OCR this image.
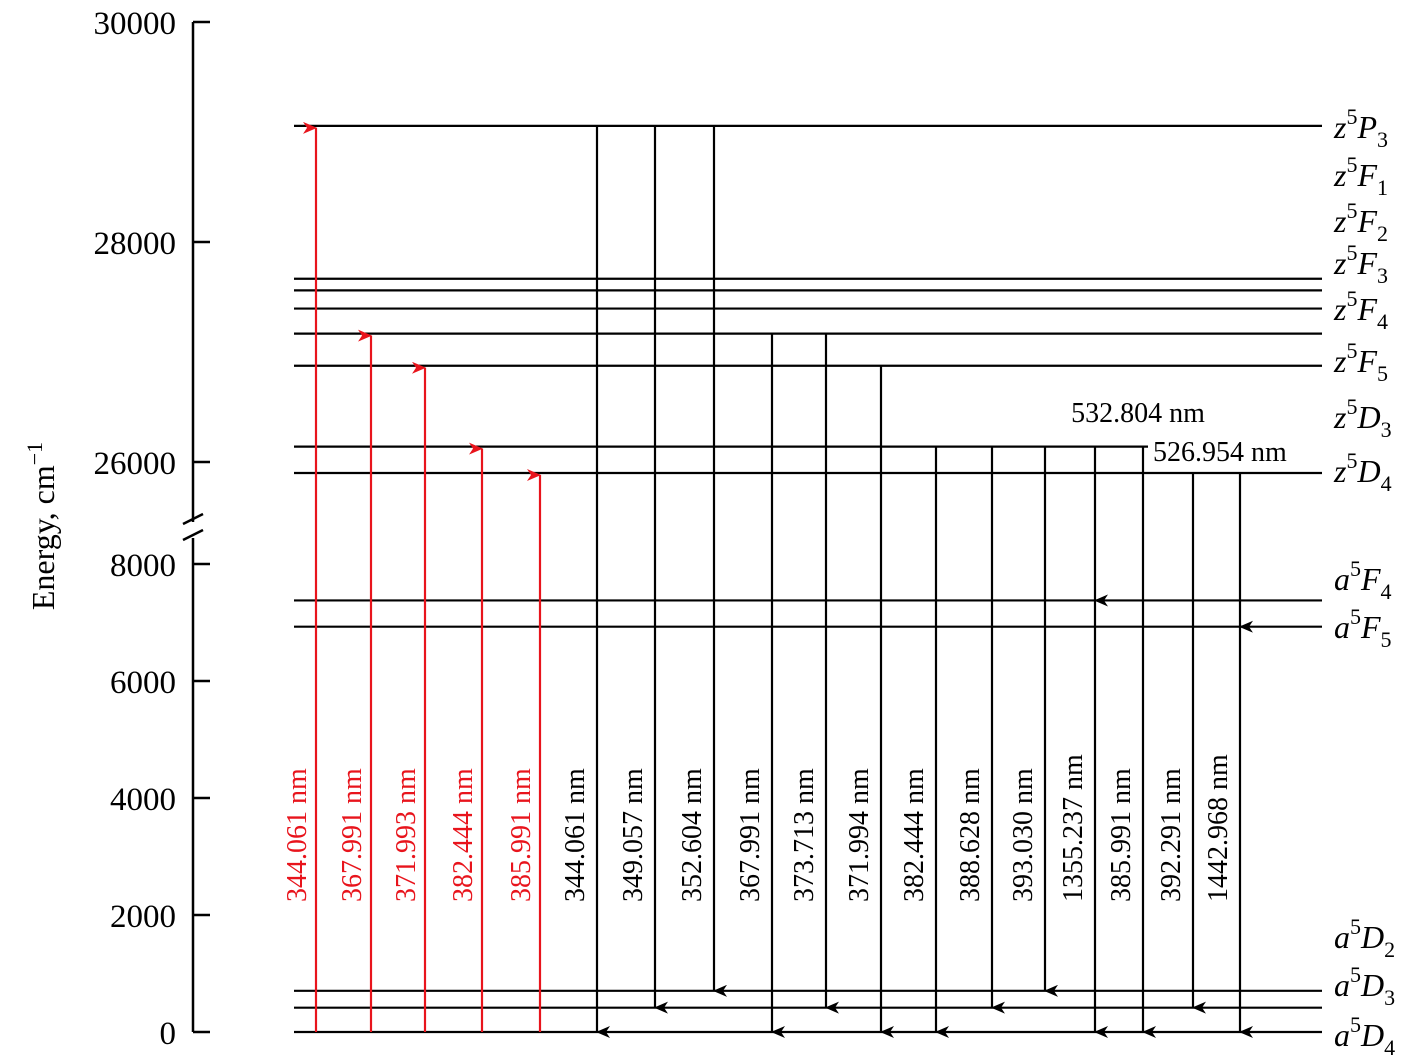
0
2000
4000
6000
8000
26000
28000
30000
Energy, $cm^{-1}$
$z^5P_3$
$z^5F_1$
$z^5F_2$
$z^5F_3$
$z^5F_4$
$z^5F_5$
$z^5D_3$
$z^5D_4$
$a^5F_4$
$a^5F_5$
$a^5D_2$
$a^5D_3$
$a^5D_4$
344.061 nm 367.991 nm 371.993 nm 382.444 nm 385.991 nm 344.061 nm 349.057 nm 352.604 nm 367.991 nm 373.713 nm 371.994 nm 382.444 nm 388.628 nm 393.030 nm 1355.237 nm
532.804 nm
385.991 nm 392.291 nm
526.954 nm
1442.968 nm
